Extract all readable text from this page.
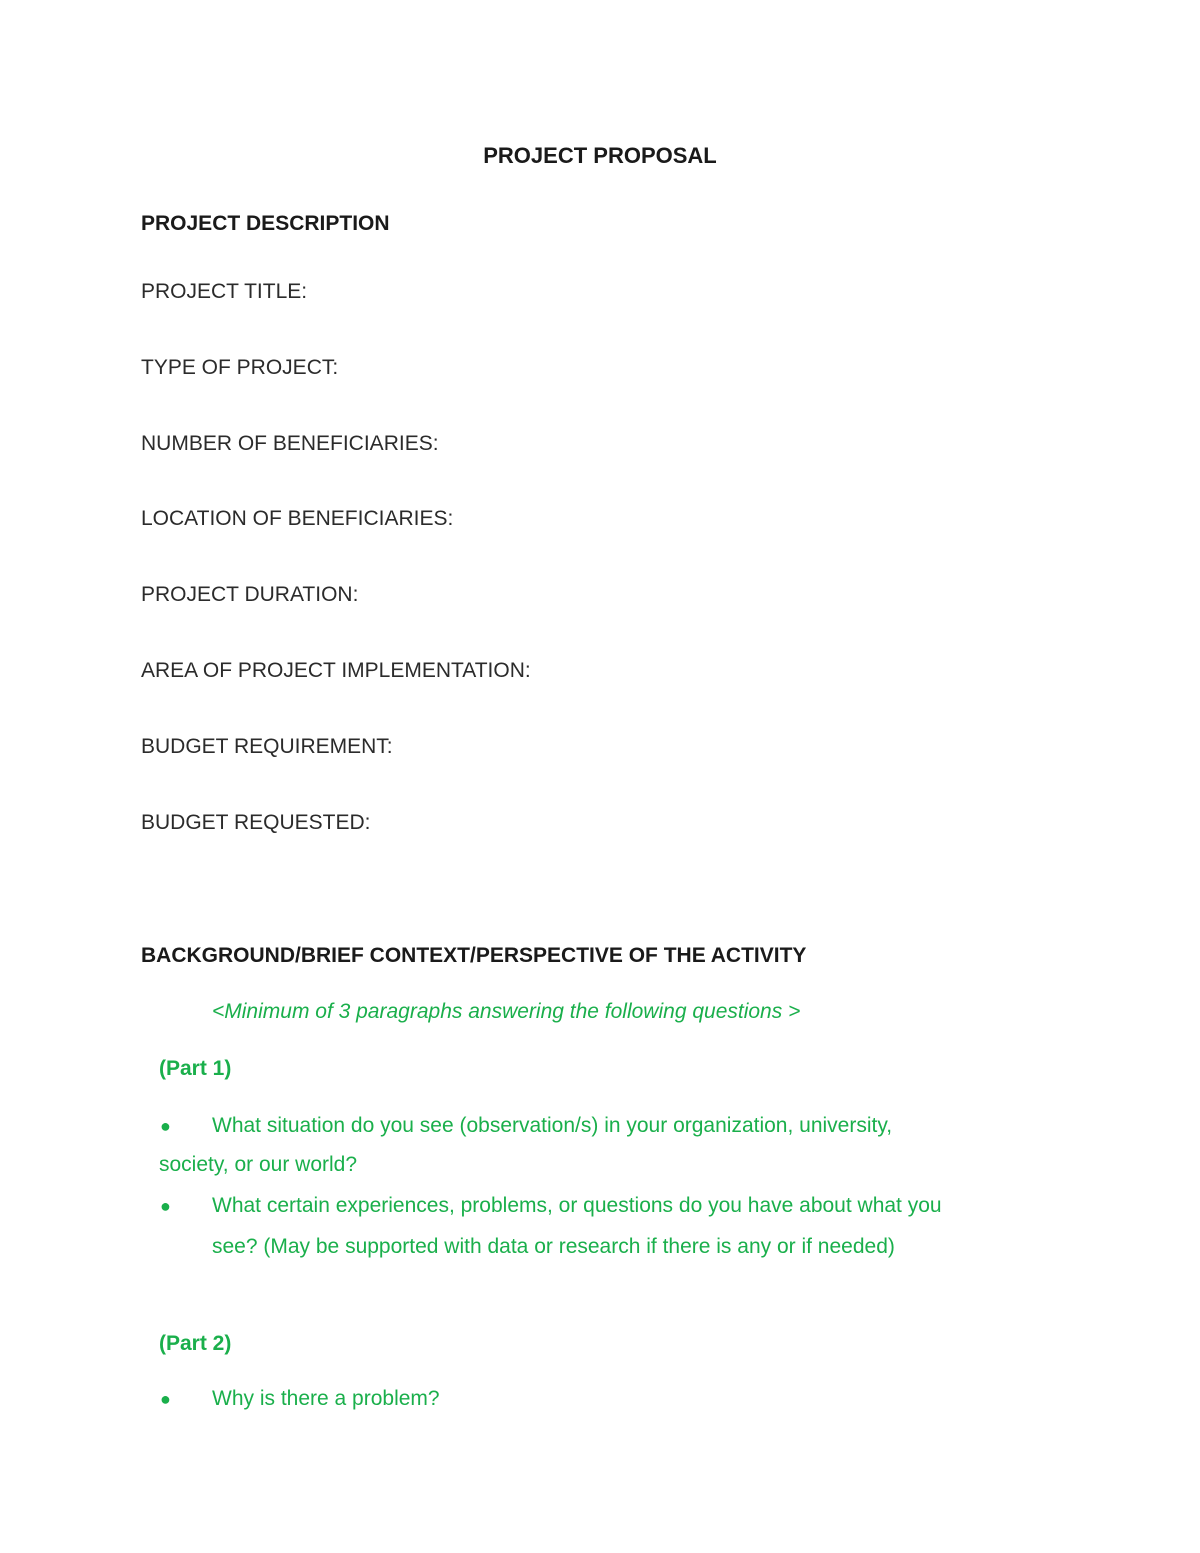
PROJECT PROPOSAL
PROJECT DESCRIPTION
PROJECT TITLE:
TYPE OF PROJECT:
NUMBER OF BENEFICIARIES:
LOCATION OF BENEFICIARIES:
PROJECT DURATION:
AREA OF PROJECT IMPLEMENTATION:
BUDGET REQUIREMENT:
BUDGET REQUESTED:
BACKGROUND/BRIEF CONTEXT/PERSPECTIVE OF THE ACTIVITY
<Minimum of 3 paragraphs answering the following questions >
(Part 1)
● What situation do you see (observation/s) in your organization, university,
society, or our world?
● What certain experiences, problems, or questions do you have about what you
see? (May be supported with data or research if there is any or if needed)
(Part 2)
● Why is there a problem?
